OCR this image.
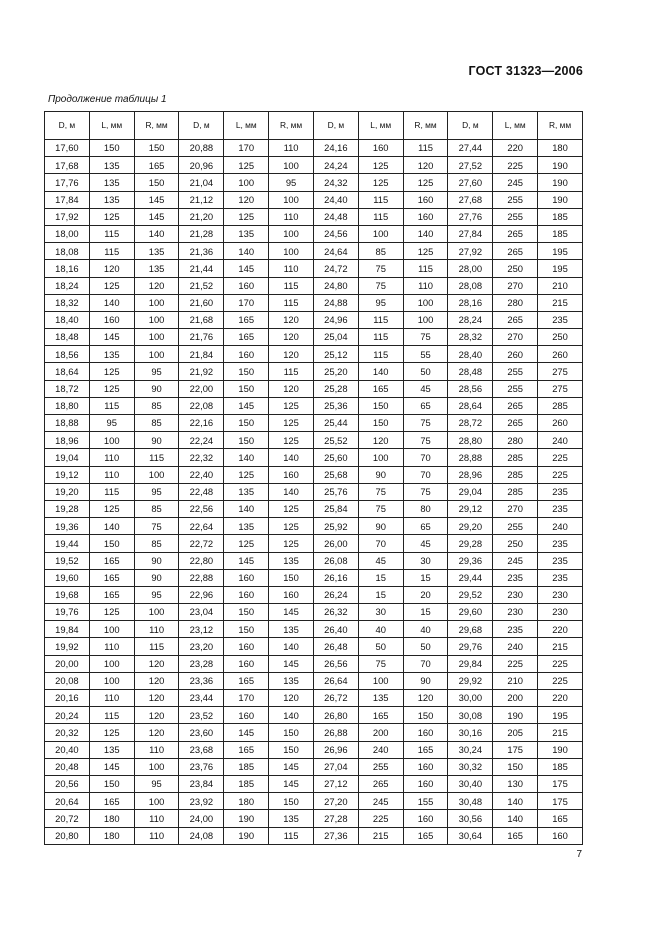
ГОСТ 31323—2006
Продолжение таблицы 1
D, м	L, мм	R, мм	D, м	L, мм	R, мм	D, м	L, мм	R, мм	D, м	L, мм	R, мм
17,60	150	150	20,88	170	110	24,16	160	115	27,44	220	180
17,68	135	165	20,96	125	100	24,24	125	120	27,52	225	190
17,76	135	150	21,04	100	95	24,32	125	125	27,60	245	190
17,84	135	145	21,12	120	100	24,40	115	160	27,68	255	190
17,92	125	145	21,20	125	110	24,48	115	160	27,76	255	185
18,00	115	140	21,28	135	100	24,56	100	140	27,84	265	185
18,08	115	135	21,36	140	100	24,64	85	125	27,92	265	195
18,16	120	135	21,44	145	110	24,72	75	115	28,00	250	195
18,24	125	120	21,52	160	115	24,80	75	110	28,08	270	210
18,32	140	100	21,60	170	115	24,88	95	100	28,16	280	215
18,40	160	100	21,68	165	120	24,96	115	100	28,24	265	235
18,48	145	100	21,76	165	120	25,04	115	75	28,32	270	250
18,56	135	100	21,84	160	120	25,12	115	55	28,40	260	260
18,64	125	95	21,92	150	115	25,20	140	50	28,48	255	275
18,72	125	90	22,00	150	120	25,28	165	45	28,56	255	275
18,80	115	85	22,08	145	125	25,36	150	65	28,64	265	285
18,88	95	85	22,16	150	125	25,44	150	75	28,72	265	260
18,96	100	90	22,24	150	125	25,52	120	75	28,80	280	240
19,04	110	115	22,32	140	140	25,60	100	70	28,88	285	225
19,12	110	100	22,40	125	160	25,68	90	70	28,96	285	225
19,20	115	95	22,48	135	140	25,76	75	75	29,04	285	235
19,28	125	85	22,56	140	125	25,84	75	80	29,12	270	235
19,36	140	75	22,64	135	125	25,92	90	65	29,20	255	240
19,44	150	85	22,72	125	125	26,00	70	45	29,28	250	235
19,52	165	90	22,80	145	135	26,08	45	30	29,36	245	235
19,60	165	90	22,88	160	150	26,16	15	15	29,44	235	235
19,68	165	95	22,96	160	160	26,24	15	20	29,52	230	230
19,76	125	100	23,04	150	145	26,32	30	15	29,60	230	230
19,84	100	110	23,12	150	135	26,40	40	40	29,68	235	220
19,92	110	115	23,20	160	140	26,48	50	50	29,76	240	215
20,00	100	120	23,28	160	145	26,56	75	70	29,84	225	225
20,08	100	120	23,36	165	135	26,64	100	90	29,92	210	225
20,16	110	120	23,44	170	120	26,72	135	120	30,00	200	220
20,24	115	120	23,52	160	140	26,80	165	150	30,08	190	195
20,32	125	120	23,60	145	150	26,88	200	160	30,16	205	215
20,40	135	110	23,68	165	150	26,96	240	165	30,24	175	190
20,48	145	100	23,76	185	145	27,04	255	160	30,32	150	185
20,56	150	95	23,84	185	145	27,12	265	160	30,40	130	175
20,64	165	100	23,92	180	150	27,20	245	155	30,48	140	175
20,72	180	110	24,00	190	135	27,28	225	160	30,56	140	165
20,80	180	110	24,08	190	115	27,36	215	165	30,64	165	160
7
